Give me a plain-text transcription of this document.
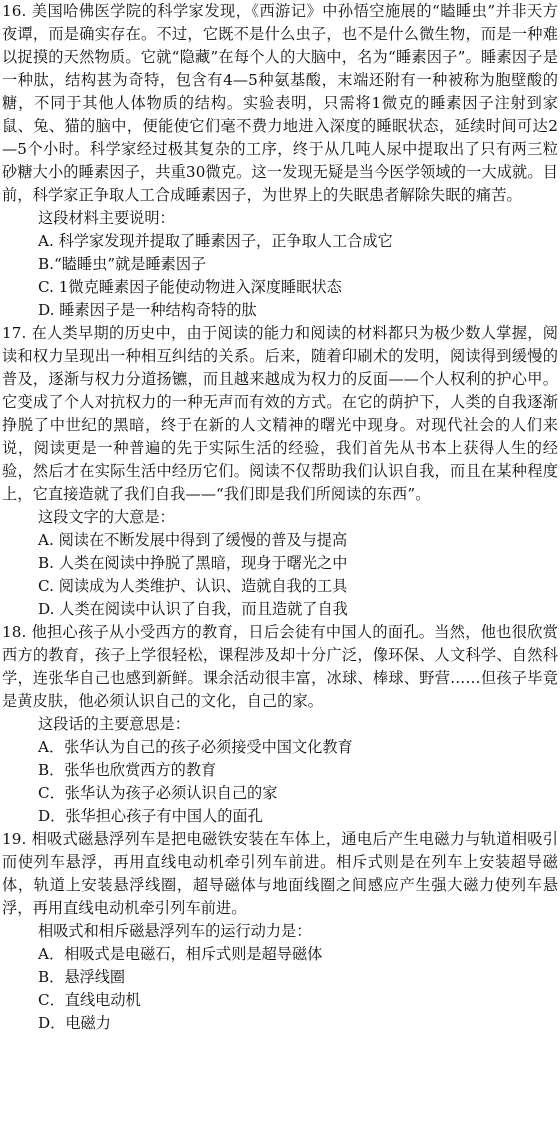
16. 美国哈佛医学院的科学家发现，《西游记》中孙悟空施展的“瞌睡虫”并非天方夜谭，而是确实存在。不过，它既不是什么虫子，也不是什么微生物，而是一种难以捉摸的天然物质。它就“隐藏”在每个人的大脑中，名为“睡素因子”。睡素因子是一种肽，结构甚为奇特，包含有4—5种氨基酸，末端还附有一种被称为胞壁酸的糖，不同于其他人体物质的结构。实验表明，只需将1微克的睡素因子注射到家鼠、兔、猫的脑中，便能使它们毫不费力地进入深度的睡眠状态，延续时间可达2—5个小时。科学家经过极其复杂的工序，终于从几吨人尿中提取出了只有两三粒砂糖大小的睡素因子，共重30微克。这一发现无疑是当今医学领域的一大成就。目前，科学家正争取人工合成睡素因子，为世界上的失眠患者解除失眠的痛苦。

这段材料主要说明：

A. 科学家发现并提取了睡素因子，正争取人工合成它

B.“瞌睡虫”就是睡素因子

C. 1微克睡素因子能使动物进入深度睡眠状态

D. 睡素因子是一种结构奇特的肽

17. 在人类早期的历史中，由于阅读的能力和阅读的材料都只为极少数人掌握，阅读和权力呈现出一种相互纠结的关系。后来，随着印刷术的发明，阅读得到缓慢的普及，逐渐与权力分道扬镳，而且越来越成为权力的反面——个人权利的护心甲。它变成了个人对抗权力的一种无声而有效的方式。在它的荫护下，人类的自我逐渐挣脱了中世纪的黑暗，终于在新的人文精神的曙光中现身。对现代社会的人们来说，阅读更是一种普遍的先于实际生活的经验，我们首先从书本上获得人生的经验，然后才在实际生活中经历它们。阅读不仅帮助我们认识自我，而且在某种程度上，它直接造就了我们自我——“我们即是我们所阅读的东西”。

这段文字的大意是：

A. 阅读在不断发展中得到了缓慢的普及与提高

B. 人类在阅读中挣脱了黑暗，现身于曙光之中

C. 阅读成为人类维护、认识、造就自我的工具

D. 人类在阅读中认识了自我，而且造就了自我

18. 他担心孩子从小受西方的教育，日后会徒有中国人的面孔。当然，他也很欣赏西方的教育，孩子上学很轻松，课程涉及却十分广泛，像环保、人文科学、自然科学，连张华自己也感到新鲜。课余活动很丰富，冰球、棒球、野营……但孩子毕竟是黄皮肤，他必须认识自己的文化，自己的家。

这段话的主要意思是：

A．张华认为自己的孩子必须接受中国文化教育

B．张华也欣赏西方的教育

C．张华认为孩子必须认识自己的家

D．张华担心孩子有中国人的面孔

19. 相吸式磁悬浮列车是把电磁铁安装在车体上，通电后产生电磁力与轨道相吸引而使列车悬浮，再用直线电动机牵引列车前进。相斥式则是在列车上安装超导磁体，轨道上安装悬浮线圈，超导磁体与地面线圈之间感应产生强大磁力使列车悬浮，再用直线电动机牵引列车前进。

相吸式和相斥磁悬浮列车的运行动力是：

A．相吸式是电磁石，相斥式则是超导磁体

B．悬浮线圈

C．直线电动机

D．电磁力
